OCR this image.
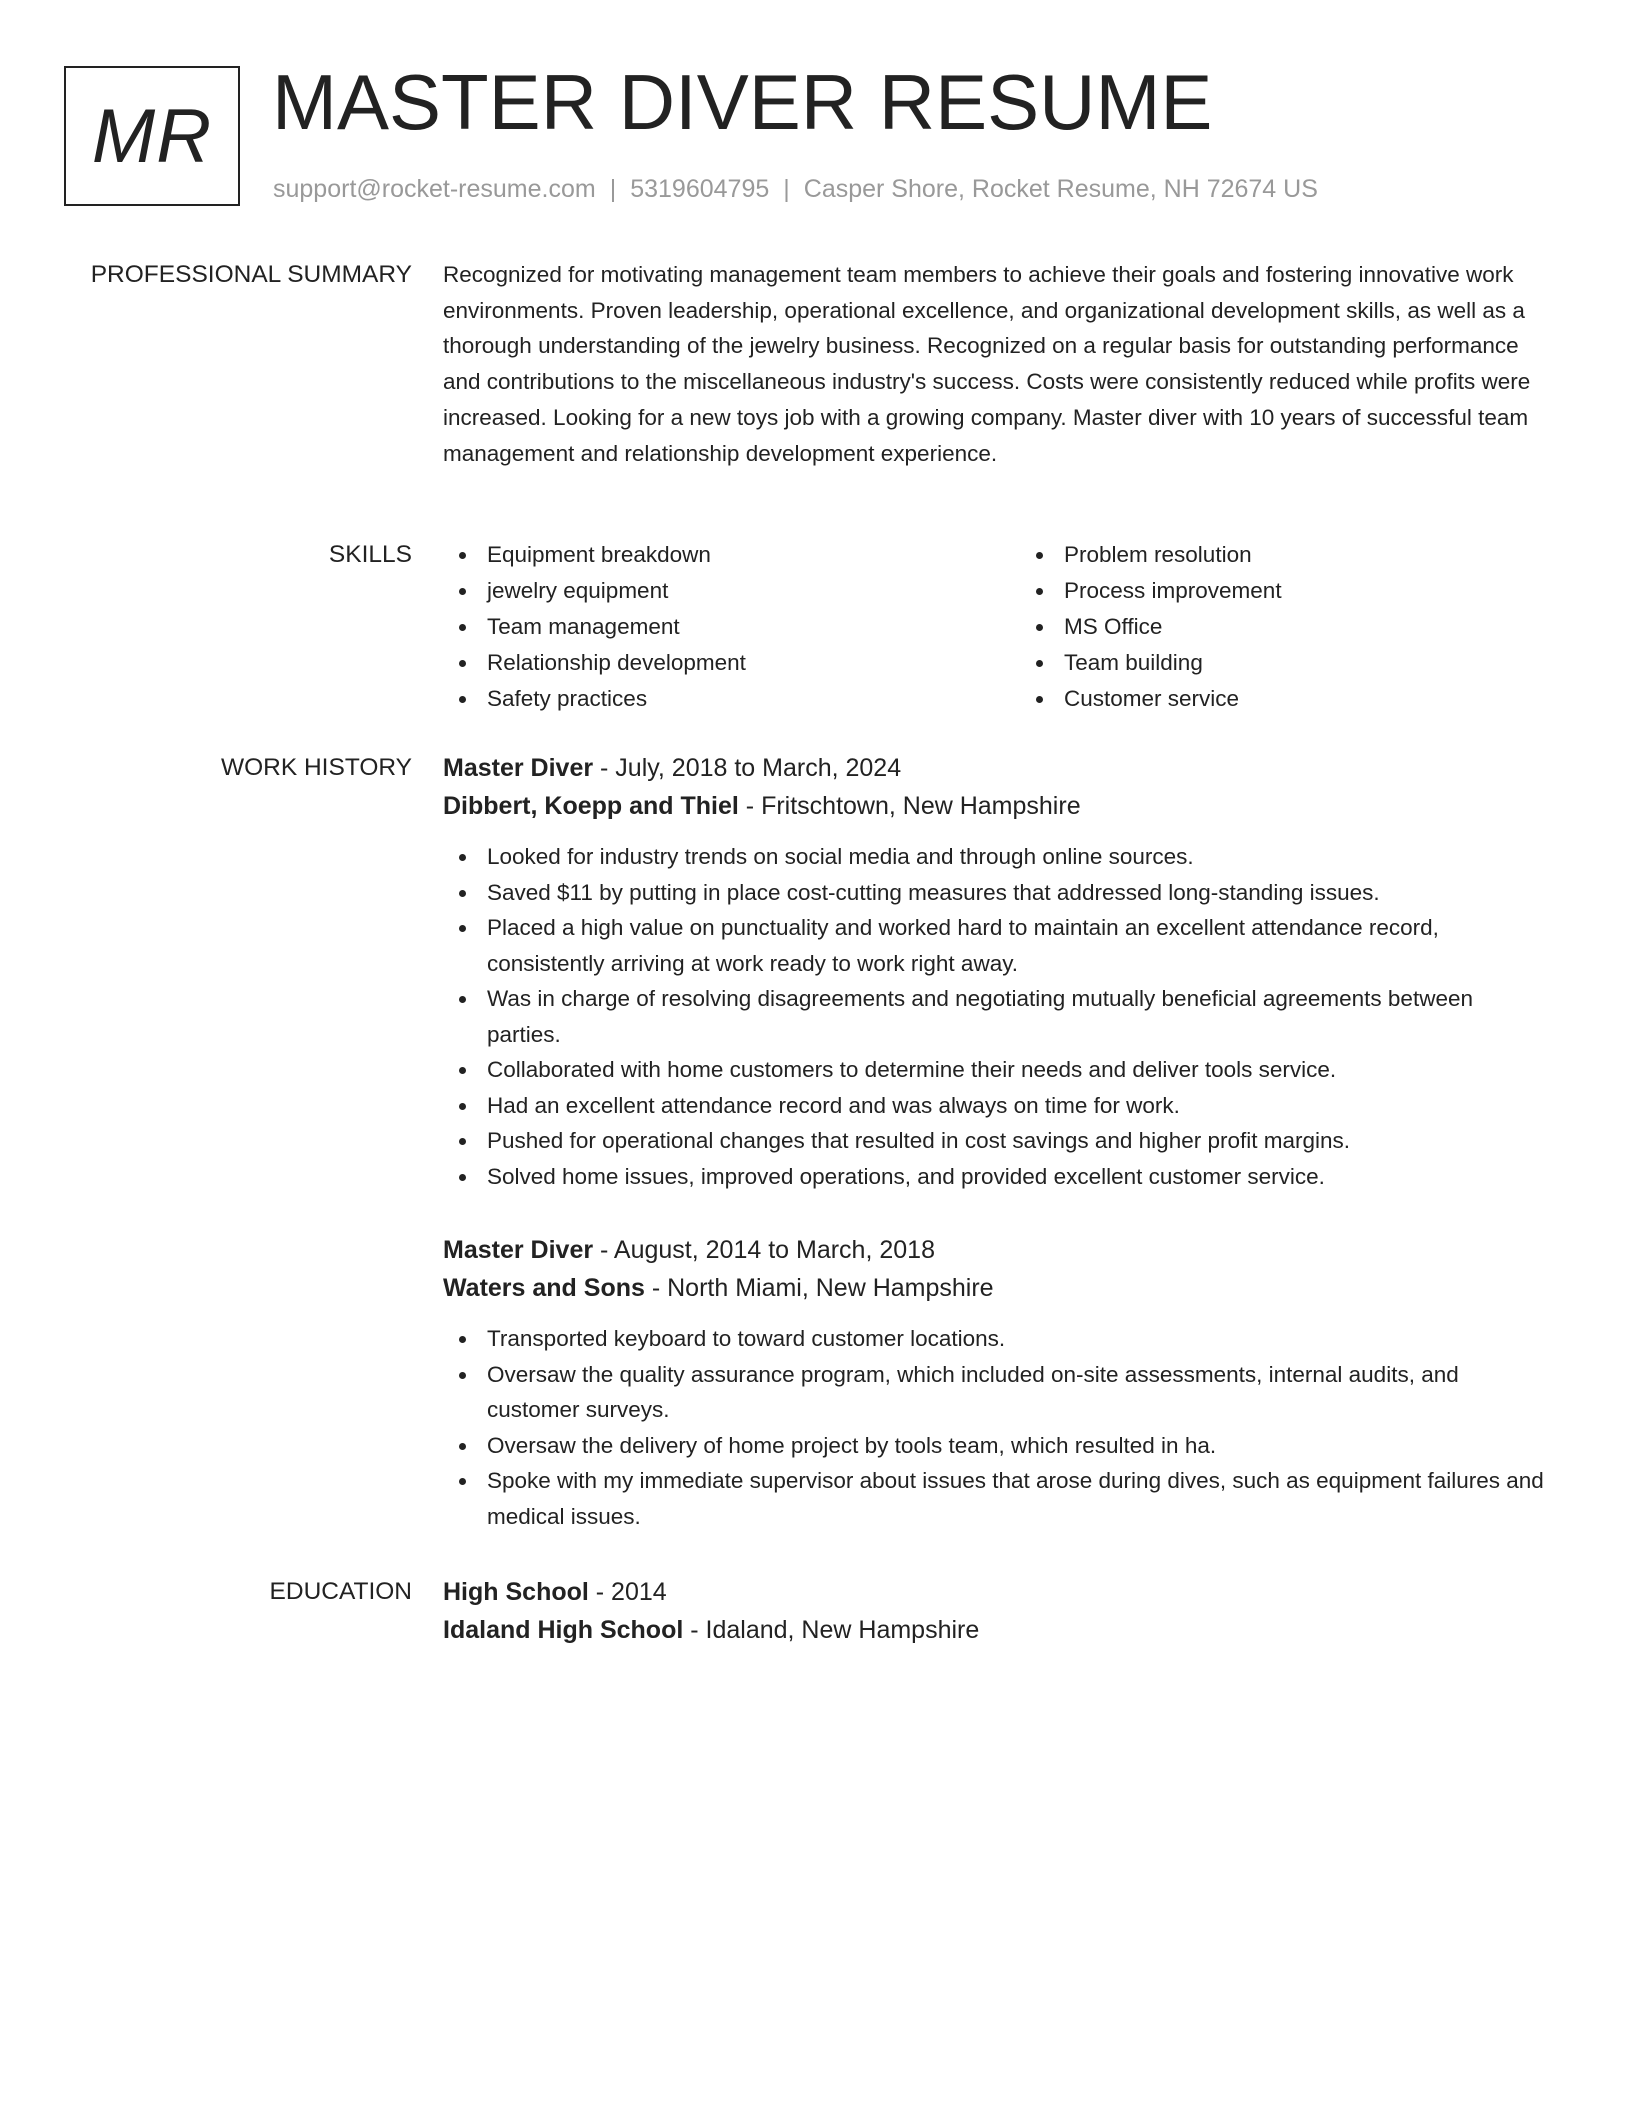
MR MASTER DIVER RESUME
support@rocket-resume.com | 5319604795 | Casper Shore, Rocket Resume, NH 72674 US
PROFESSIONAL SUMMARY Recognized for motivating management team members to achieve their goals and fostering innovative work environments. Proven leadership, operational excellence, and organizational development skills, as well as a thorough understanding of the jewelry business. Recognized on a regular basis for outstanding performance and contributions to the miscellaneous industry's success. Costs were consistently reduced while profits were increased. Looking for a new toys job with a growing company. Master diver with 10 years of successful team management and relationship development experience.

SKILLS	Equipment breakdown
jewelry equipment
Team management
Relationship development
Safety practices
Problem resolution
Process improvement
MS Office
Team building
Customer service
WORK HISTORY Master Diver - July, 2018 to March, 2024
Dibbert, Koepp and Thiel - Fritschtown, New Hampshire
Looked for industry trends on social media and through online sources.
Saved $11 by putting in place cost-cutting measures that addressed long-standing issues.
Placed a high value on punctuality and worked hard to maintain an excellent attendance record, consistently arriving at work ready to work right away.
Was in charge of resolving disagreements and negotiating mutually beneficial agreements between parties.
Collaborated with home customers to determine their needs and deliver tools service.
Had an excellent attendance record and was always on time for work.
Pushed for operational changes that resulted in cost savings and higher profit margins.
Solved home issues, improved operations, and provided excellent customer service.
Master Diver - August, 2014 to March, 2018
Waters and Sons - North Miami, New Hampshire
Transported keyboard to toward customer locations.
Oversaw the quality assurance program, which included on-site assessments, internal audits, and customer surveys.
Oversaw the delivery of home project by tools team, which resulted in ha.
Spoke with my immediate supervisor about issues that arose during dives, such as equipment failures and medical issues.
EDUCATION High School - 2014
Idaland High School - Idaland, New Hampshire
